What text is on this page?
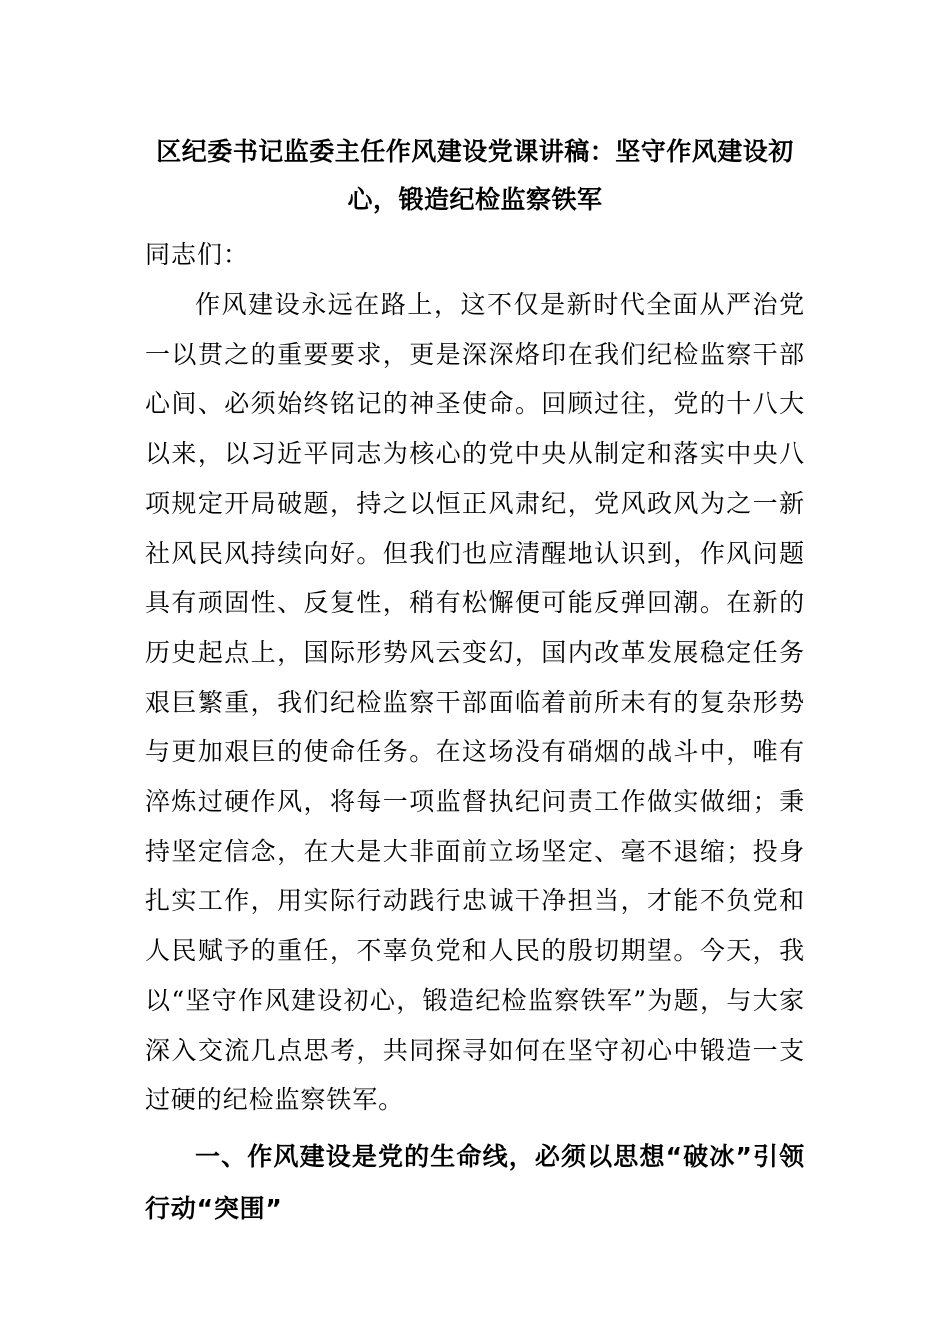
区纪委书记监委主任作风建设党课讲稿：坚守作风建设初心，锻造纪检监察铁军

同志们：

作风建设永远在路上，这不仅是新时代全面从严治党一以贯之的重要要求，更是深深烙印在我们纪检监察干部心间、必须始终铭记的神圣使命。回顾过往，党的十八大以来，以习近平同志为核心的党中央从制定和落实中央八项规定开局破题，持之以恒正风肃纪，党风政风为之一新社风民风持续向好。但我们也应清醒地认识到，作风问题具有顽固性、反复性，稍有松懈便可能反弹回潮。在新的历史起点上，国际形势风云变幻，国内改革发展稳定任务艰巨繁重，我们纪检监察干部面临着前所未有的复杂形势与更加艰巨的使命任务。在这场没有硝烟的战斗中，唯有淬炼过硬作风，将每一项监督执纪问责工作做实做细；秉持坚定信念，在大是大非面前立场坚定、毫不退缩；投身扎实工作，用实际行动践行忠诚干净担当，才能不负党和人民赋予的重任，不辜负党和人民的殷切期望。今天，我以“坚守作风建设初心，锻造纪检监察铁军”为题，与大家深入交流几点思考，共同探寻如何在坚守初心中锻造一支过硬的纪检监察铁军。

一、作风建设是党的生命线，必须以思想“破冰”引领行动“突围”
